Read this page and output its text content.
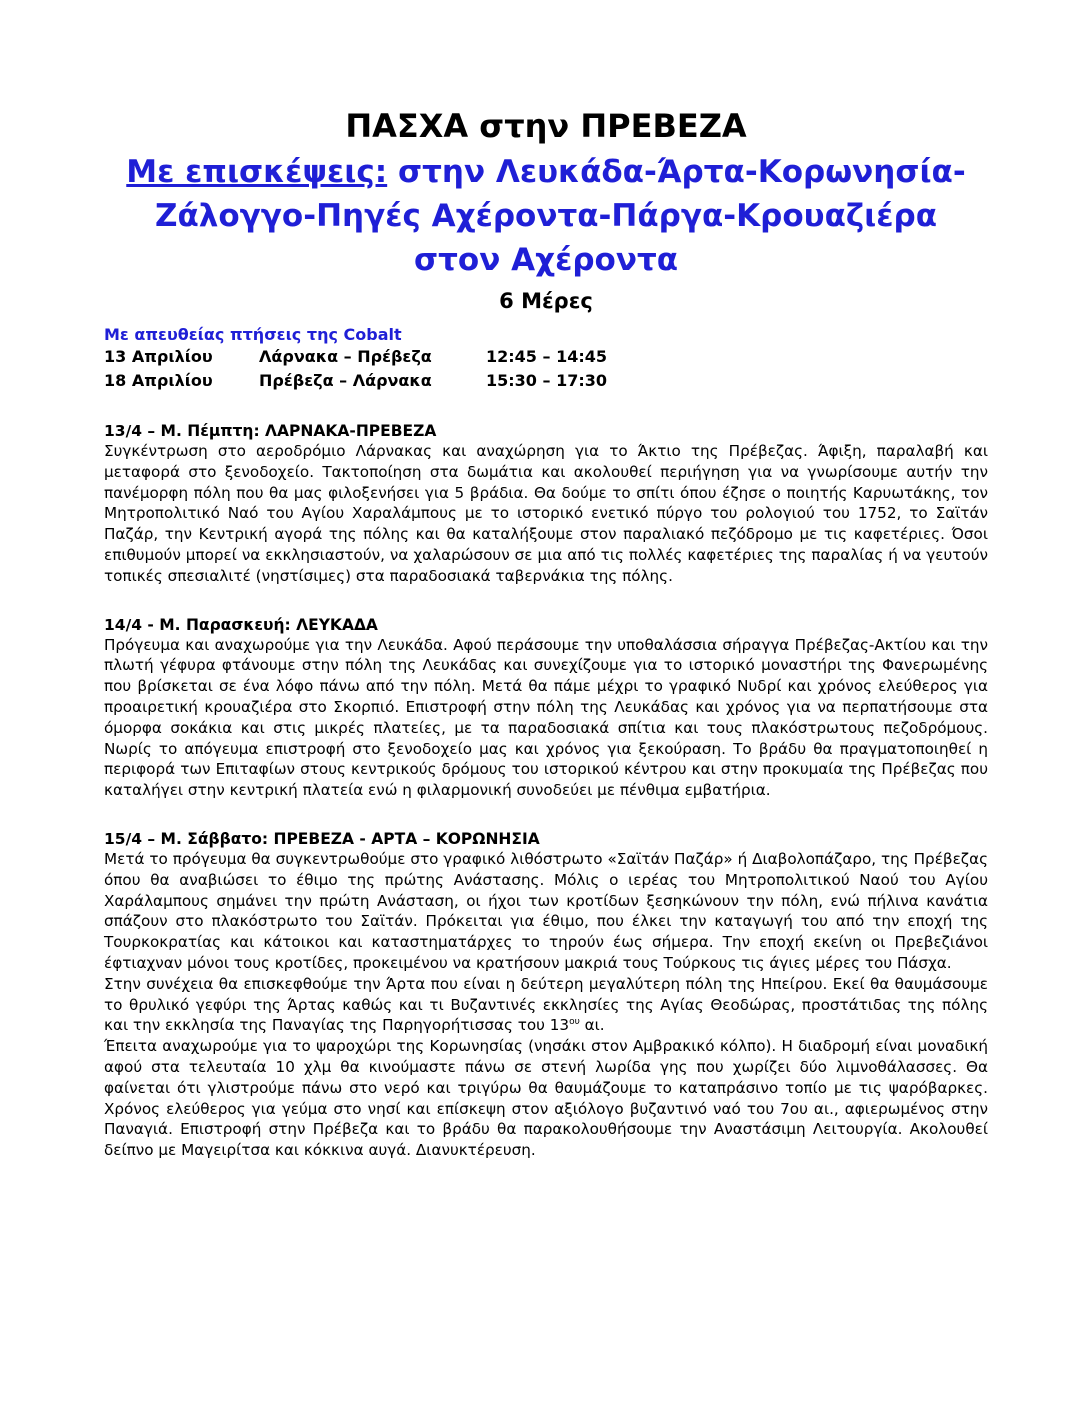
ΠΑΣΧΑ στην ΠΡΕΒΕΖΑ
Με επισκέψεις: στην Λευκάδα-Άρτα-Κορωνησία-
Ζάλογγο-Πηγές Αχέροντα-Πάργα-Κρουαζιέρα
στον Αχέροντα
6 Μέρες
Με απευθείας πτήσεις της Cobalt
13 Απριλίου	Λάρνακα – Πρέβεζα	12:45 – 14:45
18 Απριλίου	Πρέβεζα – Λάρνακα	15:30 – 17:30
13/4 – Μ. Πέμπτη: ΛΑΡΝΑΚΑ-ΠΡΕΒΕΖΑ

Συγκέντρωση στο αεροδρόμιο Λάρνακας και αναχώρηση για το Άκτιο της Πρέβεζας. Άφιξη, παραλαβή και μεταφορά στο ξενοδοχείο. Τακτοποίηση στα δωμάτια και ακολουθεί περιήγηση για να γνωρίσουμε αυτήν την πανέμορφη πόλη που θα μας φιλοξενήσει για 5 βράδια. Θα δούμε το σπίτι όπου έζησε ο ποιητής Καρυωτάκης, τον Μητροπολιτικό Ναό του Αγίου Χαραλάμπους με το ιστορικό ενετικό πύργο του ρολογιού του 1752, το Σαϊτάν Παζάρ, την Κεντρική αγορά της πόλης και θα καταλήξουμε στον παραλιακό πεζόδρομο με τις καφετέριες. Όσοι επιθυμούν μπορεί να εκκλησιαστούν, να χαλαρώσουν σε μια από τις πολλές καφετέριες της παραλίας ή να γευτούν τοπικές σπεσιαλιτέ (νηστίσιμες) στα παραδοσιακά ταβερνάκια της πόλης.

14/4 - Μ. Παρασκευή: ΛΕΥΚΑΔΑ

Πρόγευμα και αναχωρούμε για την Λευκάδα. Αφού περάσουμε την υποθαλάσσια σήραγγα Πρέβεζας-Ακτίου και την πλωτή γέφυρα φτάνουμε στην πόλη της Λευκάδας και συνεχίζουμε για το ιστορικό μοναστήρι της Φανερωμένης που βρίσκεται σε ένα λόφο πάνω από την πόλη. Μετά θα πάμε μέχρι το γραφικό Νυδρί και χρόνος ελεύθερος για προαιρετική κρουαζιέρα στο Σκορπιό. Επιστροφή στην πόλη της Λευκάδας και χρόνος για να περπατήσουμε στα όμορφα σοκάκια και στις μικρές πλατείες, με τα παραδοσιακά σπίτια και τους πλακόστρωτους πεζοδρόμους. Νωρίς το απόγευμα επιστροφή στο ξενοδοχείο μας και χρόνος για ξεκούραση. Το βράδυ θα πραγματοποιηθεί η περιφορά των Επιταφίων στους κεντρικούς δρόμους του ιστορικού κέντρου και στην προκυμαία της Πρέβεζας που καταλήγει στην κεντρική πλατεία ενώ η φιλαρμονική συνοδεύει με πένθιμα εμβατήρια.

15/4 – Μ. Σάββατο: ΠΡΕΒΕΖΑ - ΑΡΤΑ – ΚΟΡΩΝΗΣΙΑ

Μετά το πρόγευμα θα συγκεντρωθούμε στο γραφικό λιθόστρωτο «Σαϊτάν Παζάρ» ή Διαβολοπάζαρο, της Πρέβεζας όπου θα αναβιώσει το έθιμο της πρώτης Ανάστασης. Μόλις ο ιερέας του Μητροπολιτικού Ναού του Αγίου Χαράλαμπους σημάνει την πρώτη Ανάσταση, οι ήχοι των κροτίδων ξεσηκώνουν την πόλη, ενώ πήλινα κανάτια σπάζουν στο πλακόστρωτο του Σαϊτάν. Πρόκειται για έθιμο, που έλκει την καταγωγή του από την εποχή της Τουρκοκρατίας και κάτοικοι και καταστηματάρχες το τηρούν έως σήμερα. Την εποχή εκείνη οι Πρεβεζιάνοι έφτιαχναν μόνοι τους κροτίδες, προκειμένου να κρατήσουν μακριά τους Τούρκους τις άγιες μέρες του Πάσχα.

Στην συνέχεια θα επισκεφθούμε την Άρτα που είναι η δεύτερη μεγαλύτερη πόλη της Ηπείρου. Εκεί θα θαυμάσουμε το θρυλικό γεφύρι της Άρτας καθώς και τι Βυζαντινές εκκλησίες της Αγίας Θεοδώρας, προστάτιδας της πόλης και την εκκλησία της Παναγίας της Παρηγορήτισσας του $13^{o\upsilon}$ αι.

Έπειτα αναχωρούμε για το ψαροχώρι της Κορωνησίας (νησάκι στον Αμβρακικό κόλπο). Η διαδρομή είναι μοναδική αφού στα τελευταία 10 χλμ θα κινούμαστε πάνω σε στενή λωρίδα γης που χωρίζει δύο λιμνοθάλασσες. Θα φαίνεται ότι γλιστρούμε πάνω στο νερό και τριγύρω θα θαυμάζουμε το καταπράσινο τοπίο με τις ψαρόβαρκες. Χρόνος ελεύθερος για γεύμα στο νησί και επίσκεψη στον αξιόλογο βυζαντινό ναό του 7ου αι., αφιερωμένος στην Παναγιά. Επιστροφή στην Πρέβεζα και το βράδυ θα παρακολουθήσουμε την Αναστάσιμη Λειτουργία. Ακολουθεί δείπνο με Μαγειρίτσα και κόκκινα αυγά. Διανυκτέρευση.
